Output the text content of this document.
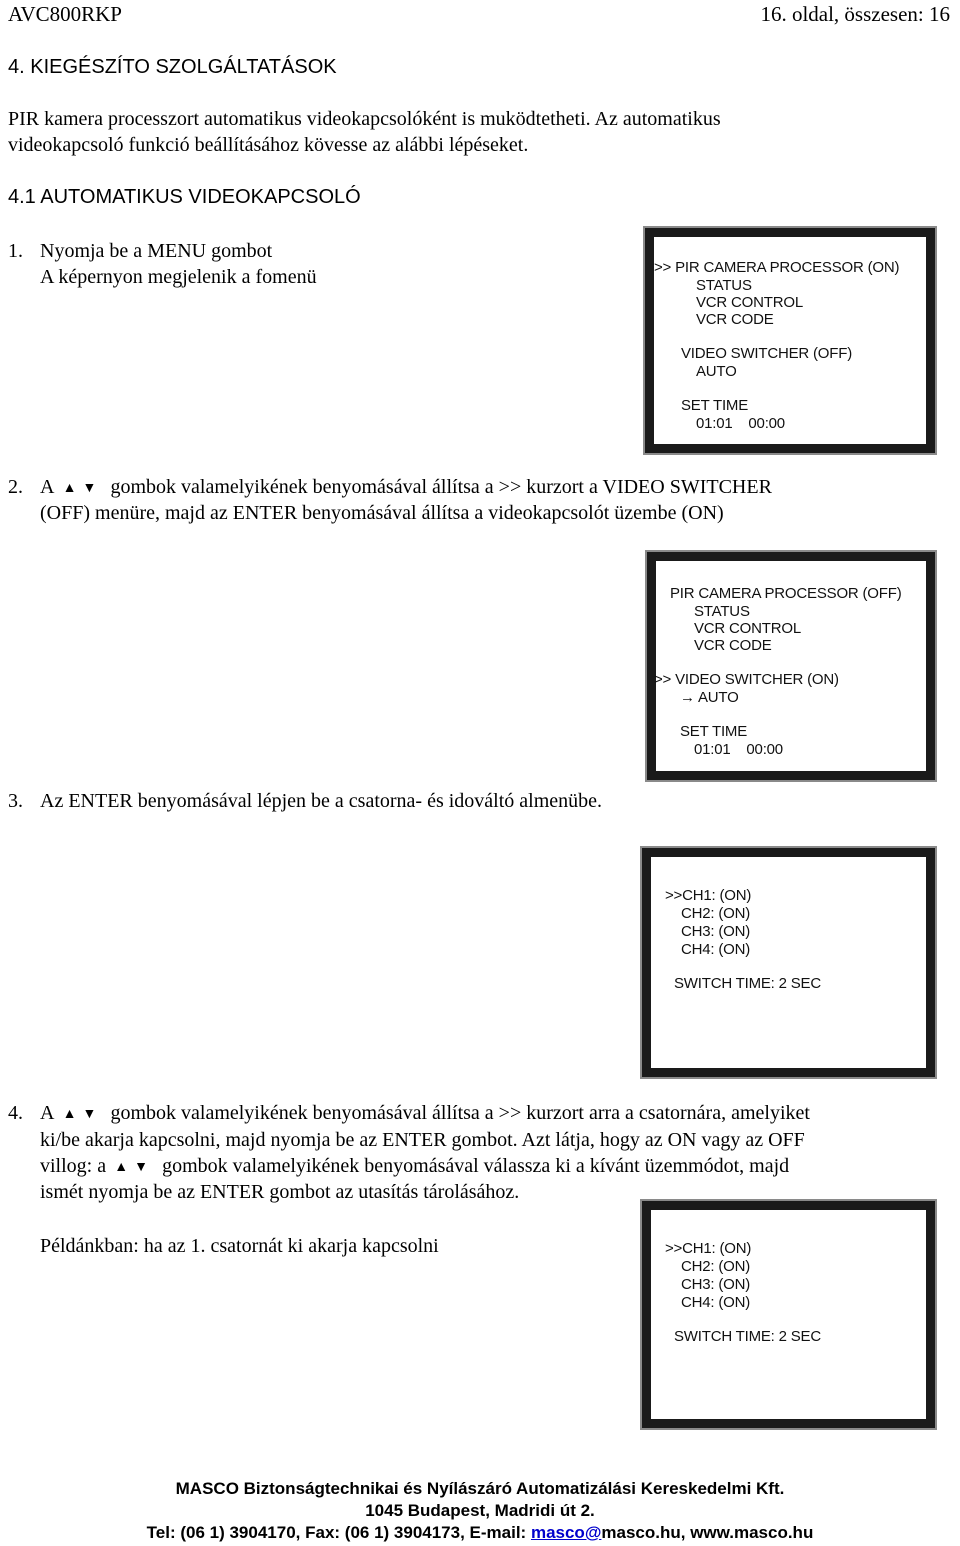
AVC800RKP	16. oldal, összesen: 16
4. KIEGÉSZÍTO SZOLGÁLTATÁSOK
PIR kamera processzort automatikus videokapcsolóként is muködtetheti. Az automatikus
videokapcsoló funkció beállításához kövesse az alábbi lépéseket.
4.1 AUTOMATIKUS VIDEOKAPCSOLÓ
1. Nyomja be a MENU gombot
A képernyon megjelenik a fomenü	>> PIR CAMERA PROCESSOR (ON)
STATUS
VCR CONTROL
VCR CODE
VIDEO SWITCHER (OFF)
AUTO
SET TIME
01:01    00:00
2. A ▲▼ gombok valamelyikének benyomásával állítsa a >> kurzort a VIDEO SWITCHER
(OFF) menüre, majd az ENTER benyomásával állítsa a videokapcsolót üzembe (ON)
PIR CAMERA PROCESSOR (OFF)
STATUS
VCR CONTROL
VCR CODE
>> VIDEO SWITCHER (ON)
→ AUTO
SET TIME
01:01    00:00
3. Az ENTER benyomásával lépjen be a csatorna- és idováltó almenübe.
>>CH1: (ON)
CH2: (ON)
CH3: (ON)
CH4: (ON)
SWITCH TIME: 2 SEC
4. A ▲▼ gombok valamelyikének benyomásával állítsa a >> kurzort arra a csatornára, amelyiket
ki/be akarja kapcsolni, majd nyomja be az ENTER gombot. Azt látja, hogy az ON vagy az OFF
villog: a ▲▼ gombok valamelyikének benyomásával válassza ki a kívánt üzemmódot, majd
ismét nyomja be az ENTER gombot az utasítás tárolásához.
Példánkban: ha az 1. csatornát ki akarja kapcsolni	>>CH1: (ON)
CH2: (ON)
CH3: (ON)
CH4: (ON)
SWITCH TIME: 2 SEC
MASCO Biztonságtechnikai és Nyílászáró Automatizálási Kereskedelmi Kft.
1045 Budapest, Madridi út 2.
Tel: (06 1) 3904170, Fax: (06 1) 3904173, E-mail: masco@masco.hu, www.masco.hu
